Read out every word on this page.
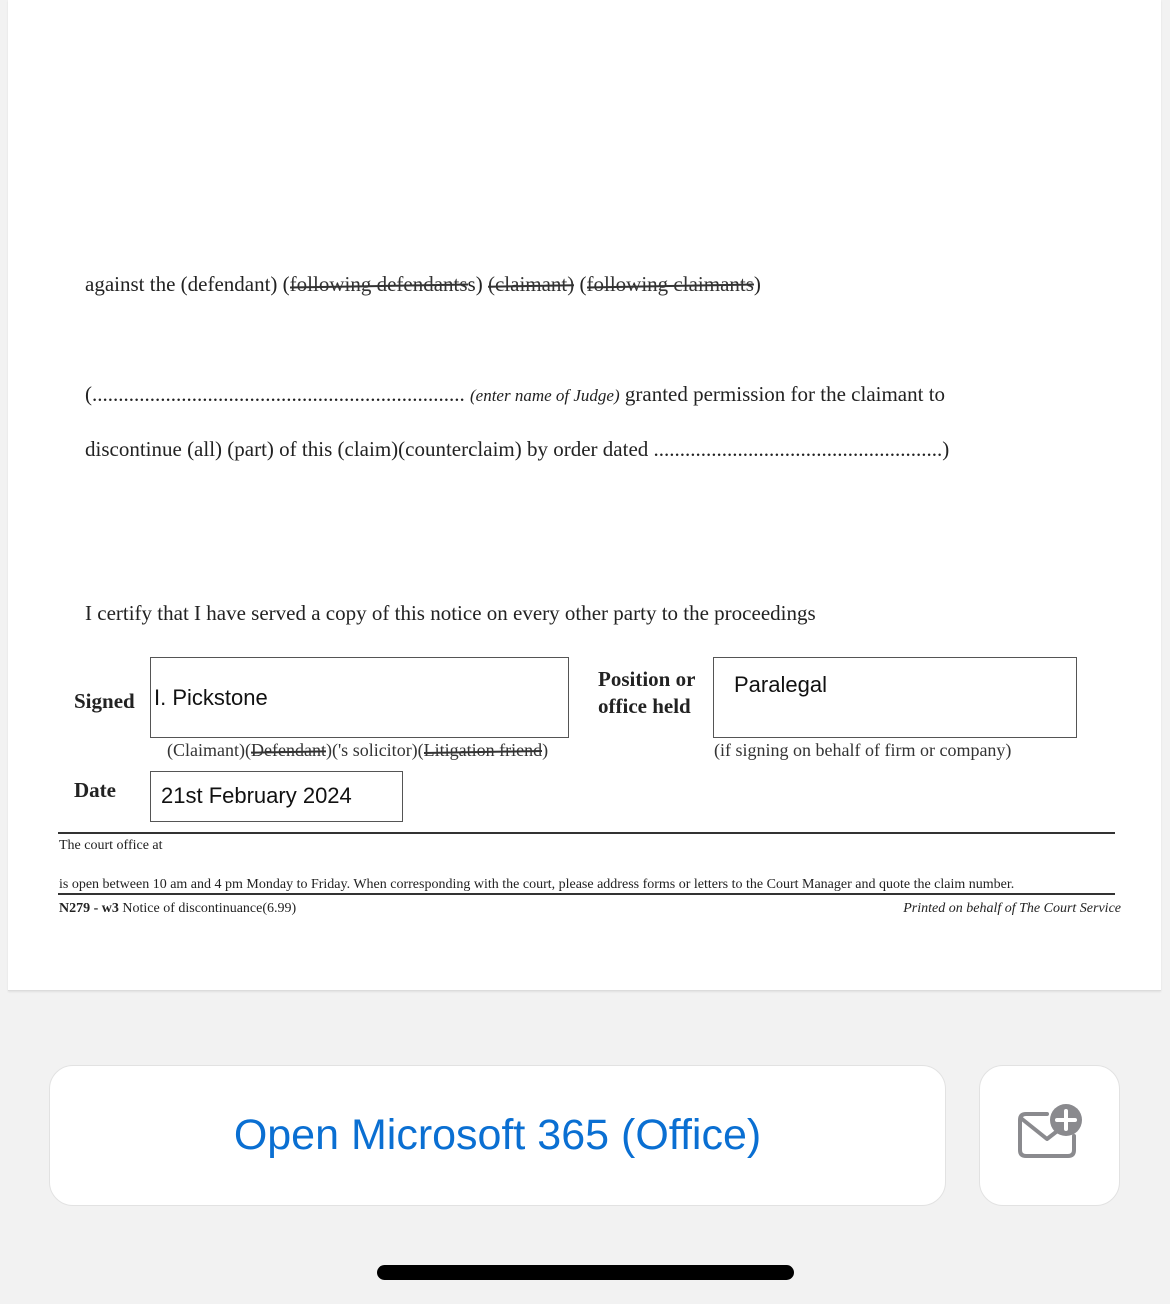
against the (defendant) (following defendantss) (claimant) (following claimants)
(....................................................................... (enter name of Judge) granted permission for the claimant to
discontinue (all) (part) of this (claim)(counterclaim) by order dated .......................................................)
I certify that I have served a copy of this notice on every other party to the proceedings
Signed I. Pickstone
(Claimant)(Defendant)('s solicitor)(Litigation friend)
Position or
office held
Paralegal
(if signing on behalf of firm or company)
Date	21st February 2024
The court office at
is open between 10 am and 4 pm Monday to Friday. When corresponding with the court, please address forms or letters to the Court Manager and quote the claim number.
N279 - w3 Notice of discontinuance(6.99)	Printed on behalf of The Court Service
Open Microsoft 365 (Office)
